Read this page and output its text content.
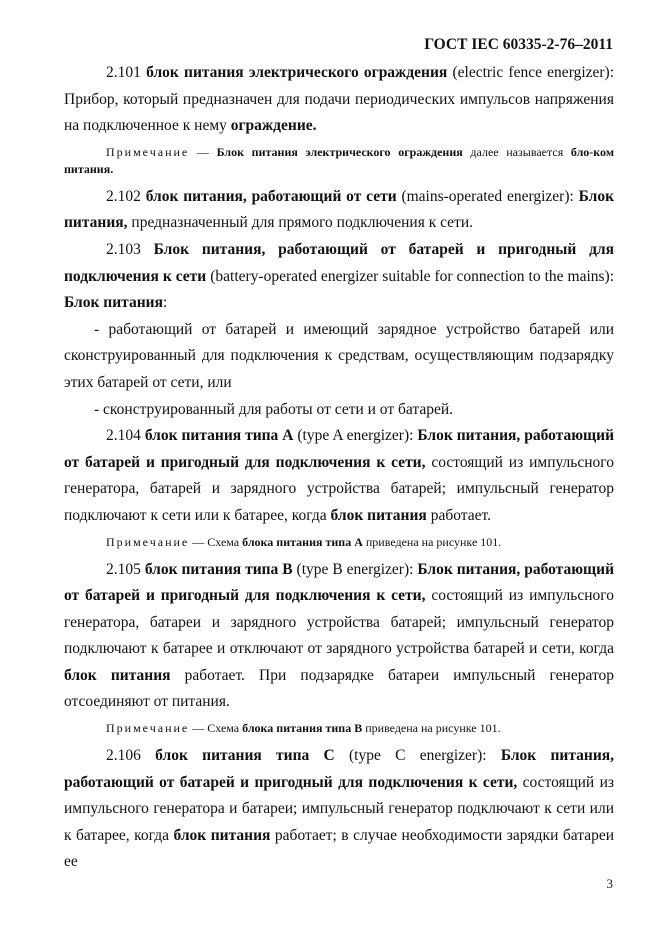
ГОСТ IEC 60335-2-76–2011

2.101 блок питания электрического ограждения (electric fence energizer): Прибор, который предназначен для подачи периодических импульсов напряжения на подключенное к нему ограждение.

Примечание — Блок питания электрического ограждения далее называется бло-ком питания.

2.102 блок питания, работающий от сети (mains-operated energizer): Блок питания, предназначенный для прямого подключения к сети.

2.103 Блок питания, работающий от батарей и пригодный для подключения к сети (battery-operated energizer suitable for connection to the mains): Блок питания:

- работающий от батарей и имеющий зарядное устройство батарей или сконструированный для подключения к средствам, осуществляющим подзарядку этих батарей от сети, или

- сконструированный для работы от сети и от батарей.

2.104 блок питания типа А (type A energizer): Блок питания, работающий от батарей и пригодный для подключения к сети, состоящий из импульсного генератора, батарей и зарядного устройства батарей; импульсный генератор подключают к сети или к батарее, когда блок питания работает.

Примечание — Схема блока питания типа А приведена на рисунке 101.

2.105 блок питания типа В (type B energizer): Блок питания, работающий от батарей и пригодный для подключения к сети, состоящий из импульсного генератора, батареи и зарядного устройства батарей; импульсный генератор подключают к батарее и отключают от зарядного устройства батарей и сети, когда блок питания работает. При подзарядке батареи импульсный генератор отсоединяют от питания.

Примечание — Схема блока питания типа В приведена на рисунке 101.

2.106 блок питания типа С (type C energizer): Блок питания, работающий от батарей и пригодный для подключения к сети, состоящий из импульсного генератора и батареи; импульсный генератор подключают к сети или к батарее, когда блок питания работает; в случае необходимости зарядки батареи ее

3
